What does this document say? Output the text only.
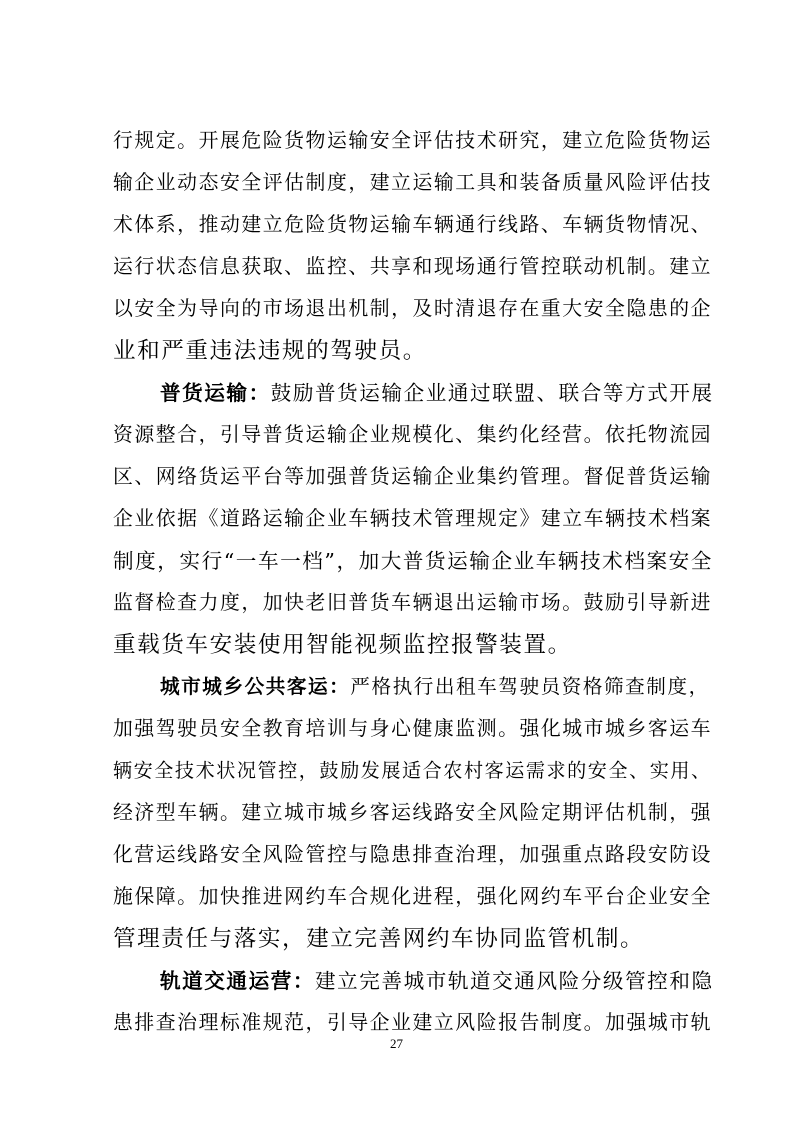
行规定。开展危险货物运输安全评估技术研究，建立危险货物运
输企业动态安全评估制度，建立运输工具和装备质量风险评估技
术体系，推动建立危险货物运输车辆通行线路、车辆货物情况、
运行状态信息获取、监控、共享和现场通行管控联动机制。建立
以安全为导向的市场退出机制，及时清退存在重大安全隐患的企
业和严重违法违规的驾驶员。
普货运输：鼓励普货运输企业通过联盟、联合等方式开展
资源整合，引导普货运输企业规模化、集约化经营。依托物流园
区、网络货运平台等加强普货运输企业集约管理。督促普货运输
企业依据《道路运输企业车辆技术管理规定》建立车辆技术档案
制度，实行“一车一档”，加大普货运输企业车辆技术档案安全
监督检查力度，加快老旧普货车辆退出运输市场。鼓励引导新进
重载货车安装使用智能视频监控报警装置。
城市城乡公共客运：严格执行出租车驾驶员资格筛查制度，
加强驾驶员安全教育培训与身心健康监测。强化城市城乡客运车
辆安全技术状况管控，鼓励发展适合农村客运需求的安全、实用、
经济型车辆。建立城市城乡客运线路安全风险定期评估机制，强
化营运线路安全风险管控与隐患排查治理，加强重点路段安防设
施保障。加快推进网约车合规化进程，强化网约车平台企业安全
管理责任与落实，建立完善网约车协同监管机制。
轨道交通运营：建立完善城市轨道交通风险分级管控和隐
患排查治理标准规范，引导企业建立风险报告制度。加强城市轨
27
